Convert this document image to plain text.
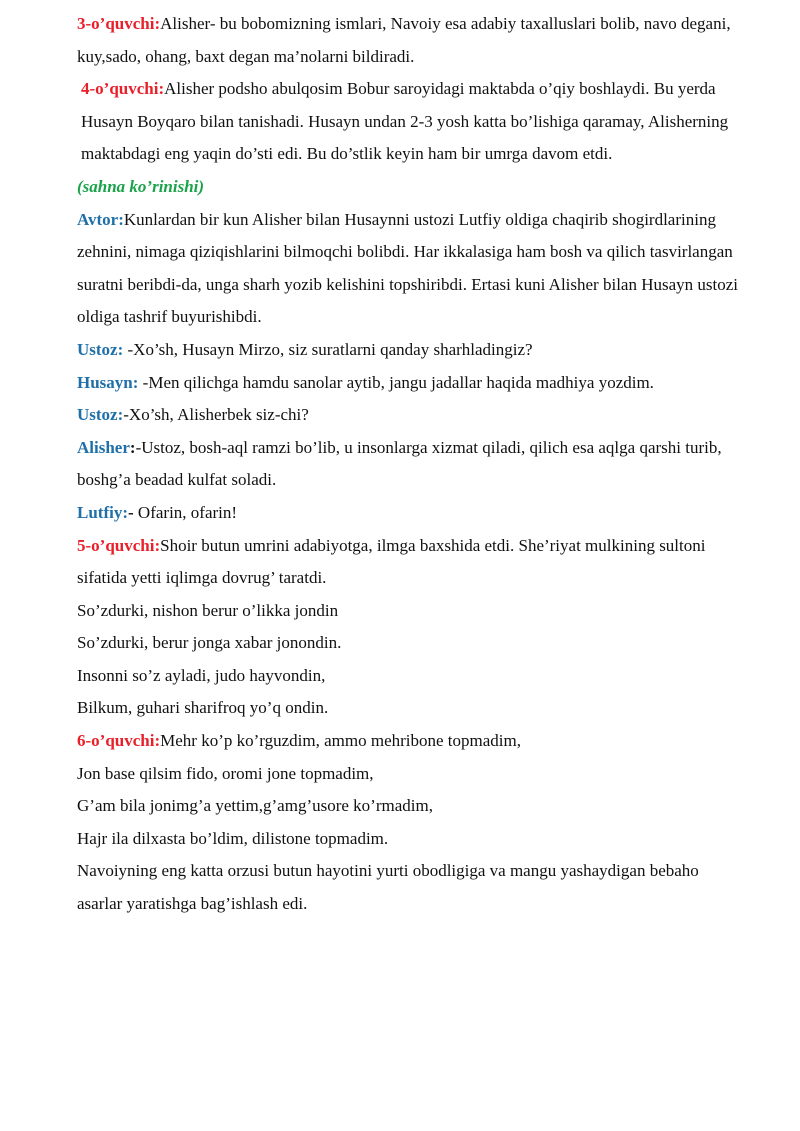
3-o’quvchi:Alisher- bu bobomizning ismlari, Navoiy esa adabiy taxalluslari bolib, navo degani, kuy,sado, ohang, baxt degan ma’nolarni bildiradi.

4-o’quvchi:Alisher podsho abulqosim Bobur saroyidagi maktabda o’qiy boshlaydi. Bu yerda Husayn Boyqaro bilan tanishadi. Husayn undan 2-3 yosh katta bo’lishiga qaramay, Alisherning maktabdagi eng yaqin do’sti edi. Bu do’stlik keyin ham bir umrga davom etdi.

(sahna ko’rinishi)

Avtor:Kunlardan bir kun Alisher bilan Husaynni ustozi Lutfiy oldiga chaqirib shogirdlarining zehnini, nimaga qiziqishlarini bilmoqchi bolibdi. Har ikkalasiga ham bosh va qilich tasvirlangan suratni beribdi-da, unga sharh yozib kelishini topshiribdi. Ertasi kuni Alisher bilan Husayn ustozi oldiga tashrif buyurishibdi.

Ustoz: -Xo’sh, Husayn Mirzo, siz suratlarni qanday sharhladingiz?

Husayn: -Men qilichga hamdu sanolar aytib, jangu jadallar haqida madhiya yozdim.

Ustoz:-Xo’sh, Alisherbek siz-chi?

Alisher:-Ustoz, bosh-aql ramzi bo’lib, u insonlarga xizmat qiladi, qilich esa aqlga qarshi turib, boshg’a beadad kulfat soladi.

Lutfiy:- Ofarin, ofarin!

5-o’quvchi:Shoir butun umrini adabiyotga, ilmga baxshida etdi. She’riyat mulkining sultoni sifatida yetti iqlimga dovrug’ taratdi.

So’zdurki, nishon berur o’likka jondin

So’zdurki, berur jonga xabar jonondin.

Insonni so’z ayladi, judo hayvondin,

Bilkum, guhari sharifroq yo’q ondin.

6-o’quvchi:Mehr ko’p ko’rguzdim, ammo mehribone topmadim,

Jon base qilsim fido, oromi jone topmadim,

G’am bila jonimg’a yettim,g’amg’usore ko’rmadim,

Hajr ila dilxasta bo’ldim, dilistone topmadim.

Navoiyning eng katta orzusi butun hayotini yurti obodligiga va mangu yashaydigan bebaho asarlar yaratishga bag’ishlash edi.
